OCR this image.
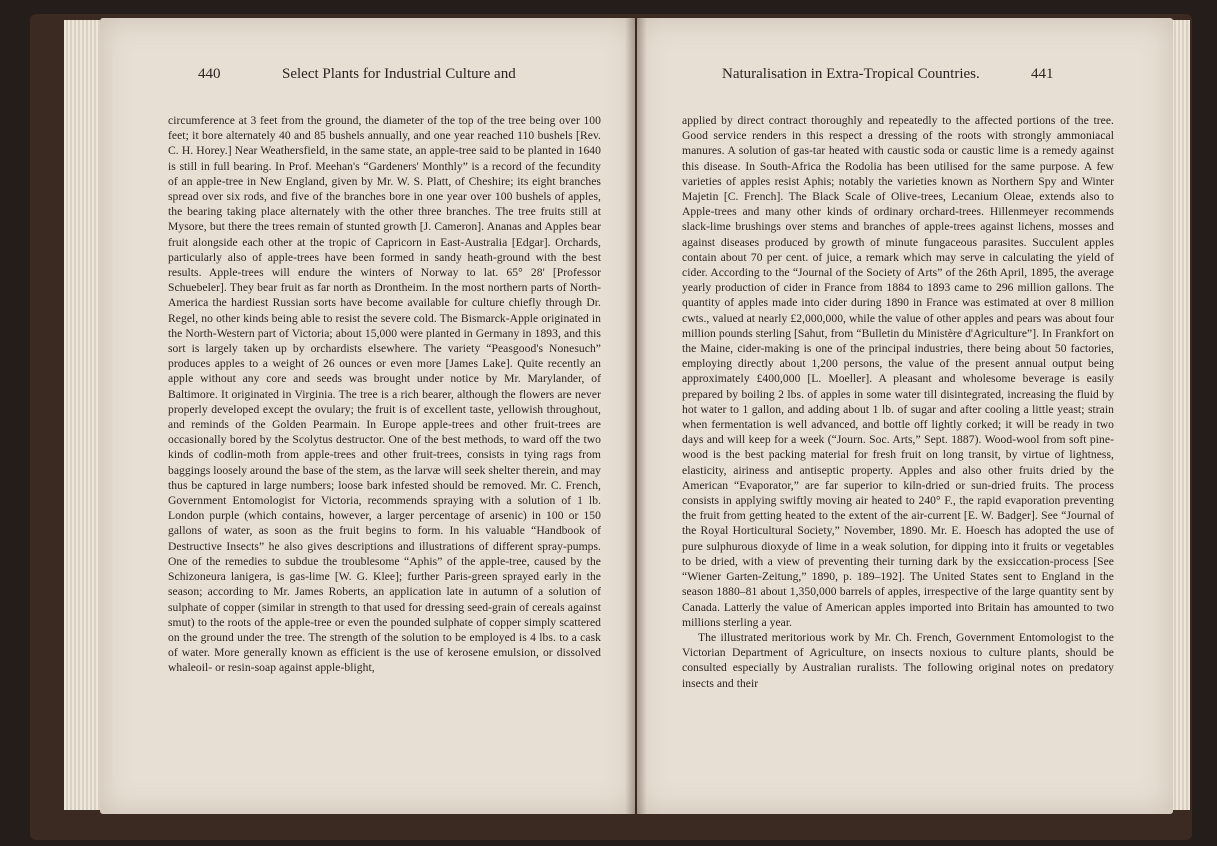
440	Select Plants for Industrial Culture and	Naturalisation in Extra-Tropical Countries.	441

circumference at 3 feet from the ground, the diameter of the top of the tree being over 100 feet; it bore alternately 40 and 85 bushels annually, and one year reached 110 bushels [Rev. C. H. Horey.] Near Weathersfield, in the same state, an apple-tree said to be planted in 1640 is still in full bearing. In Prof. Meehan's “Gardeners' Monthly” is a record of the fecundity of an apple-tree in New England, given by Mr. W. S. Platt, of Cheshire; its eight branches spread over six rods, and five of the branches bore in one year over 100 bushels of apples, the bearing taking place alternately with the other three branches. The tree fruits still at Mysore, but there the trees remain of stunted growth [J. Cameron]. Ananas and Apples bear fruit alongside each other at the tropic of Capricorn in East-Australia [Edgar]. Orchards, particularly also of apple-trees have been formed in sandy heath-ground with the best results. Apple-trees will endure the winters of Norway to lat. 65° 28' [Professor Schuebeler]. They bear fruit as far north as Drontheim. In the most northern parts of North-America the hardiest Russian sorts have become available for culture chiefly through Dr. Regel, no other kinds being able to resist the severe cold. The Bismarck-Apple originated in the North-Western part of Victoria; about 15,000 were planted in Germany in 1893, and this sort is largely taken up by orchardists elsewhere. The variety “Peasgood's Nonesuch” produces apples to a weight of 26 ounces or even more [James Lake]. Quite recently an apple without any core and seeds was brought under notice by Mr. Marylander, of Baltimore. It originated in Virginia. The tree is a rich bearer, although the flowers are never properly developed except the ovulary; the fruit is of excellent taste, yellowish throughout, and reminds of the Golden Pearmain. In Europe apple-trees and other fruit-trees are occasionally bored by the Scolytus destructor. One of the best methods, to ward off the two kinds of codlin-moth from apple-trees and other fruit-trees, consists in tying rags from baggings loosely around the base of the stem, as the larvæ will seek shelter therein, and may thus be captured in large numbers; loose bark infested should be removed. Mr. C. French, Government Entomologist for Victoria, recommends spraying with a solution of 1 lb. London purple (which contains, however, a larger percentage of arsenic) in 100 or 150 gallons of water, as soon as the fruit begins to form. In his valuable “Handbook of Destructive Insects” he also gives descriptions and illustrations of different spray-pumps. One of the remedies to subdue the troublesome “Aphis” of the apple-tree, caused by the Schizoneura lanigera, is gas-lime [W. G. Klee]; further Paris-green sprayed early in the season; according to Mr. James Roberts, an application late in autumn of a solution of sulphate of copper (similar in strength to that used for dressing seed-grain of cereals against smut) to the roots of the apple-tree or even the pounded sulphate of copper simply scattered on the ground under the tree. The strength of the solution to be employed is 4 lbs. to a cask of water. More generally known as efficient is the use of kerosene emulsion, or dissolved whaleoil- or resin-soap against apple-blight,

applied by direct contract thoroughly and repeatedly to the affected portions of the tree. Good service renders in this respect a dressing of the roots with strongly ammoniacal manures. A solution of gas-tar heated with caustic soda or caustic lime is a remedy against this disease. In South-Africa the Rodolia has been utilised for the same purpose. A few varieties of apples resist Aphis; notably the varieties known as Northern Spy and Winter Majetin [C. French]. The Black Scale of Olive-trees, Lecanium Oleae, extends also to Apple-trees and many other kinds of ordinary orchard-trees. Hillenmeyer recommends slack-lime brushings over stems and branches of apple-trees against lichens, mosses and against diseases produced by growth of minute fungaceous parasites. Succulent apples contain about 70 per cent. of juice, a remark which may serve in calculating the yield of cider. According to the “Journal of the Society of Arts” of the 26th April, 1895, the average yearly production of cider in France from 1884 to 1893 came to 296 million gallons. The quantity of apples made into cider during 1890 in France was estimated at over 8 million cwts., valued at nearly £2,000,000, while the value of other apples and pears was about four million pounds sterling [Sahut, from “Bulletin du Ministère d'Agriculture”]. In Frankfort on the Maine, cider-making is one of the principal industries, there being about 50 factories, employing directly about 1,200 persons, the value of the present annual output being approximately £400,000 [L. Moeller]. A pleasant and wholesome beverage is easily prepared by boiling 2 lbs. of apples in some water till disintegrated, increasing the fluid by hot water to 1 gallon, and adding about 1 lb. of sugar and after cooling a little yeast; strain when fermentation is well advanced, and bottle off lightly corked; it will be ready in two days and will keep for a week (“Journ. Soc. Arts,” Sept. 1887). Wood-wool from soft pine-wood is the best packing material for fresh fruit on long transit, by virtue of lightness, elasticity, airiness and antiseptic property. Apples and also other fruits dried by the American “Evaporator,” are far superior to kiln-dried or sun-dried fruits. The process consists in applying swiftly moving air heated to 240° F., the rapid evaporation preventing the fruit from getting heated to the extent of the air-current [E. W. Badger]. See “Journal of the Royal Horticultural Society,” November, 1890. Mr. E. Hoesch has adopted the use of pure sulphurous dioxyde of lime in a weak solution, for dipping into it fruits or vegetables to be dried, with a view of preventing their turning dark by the exsiccation-process [See “Wiener Garten-Zeitung,” 1890, p. 189–192]. The United States sent to England in the season 1880–81 about 1,350,000 barrels of apples, irrespective of the large quantity sent by Canada. Latterly the value of American apples imported into Britain has amounted to two millions sterling a year.

The illustrated meritorious work by Mr. Ch. French, Government Entomologist to the Victorian Department of Agriculture, on insects noxious to culture plants, should be consulted especially by Australian ruralists. The following original notes on predatory insects and their
